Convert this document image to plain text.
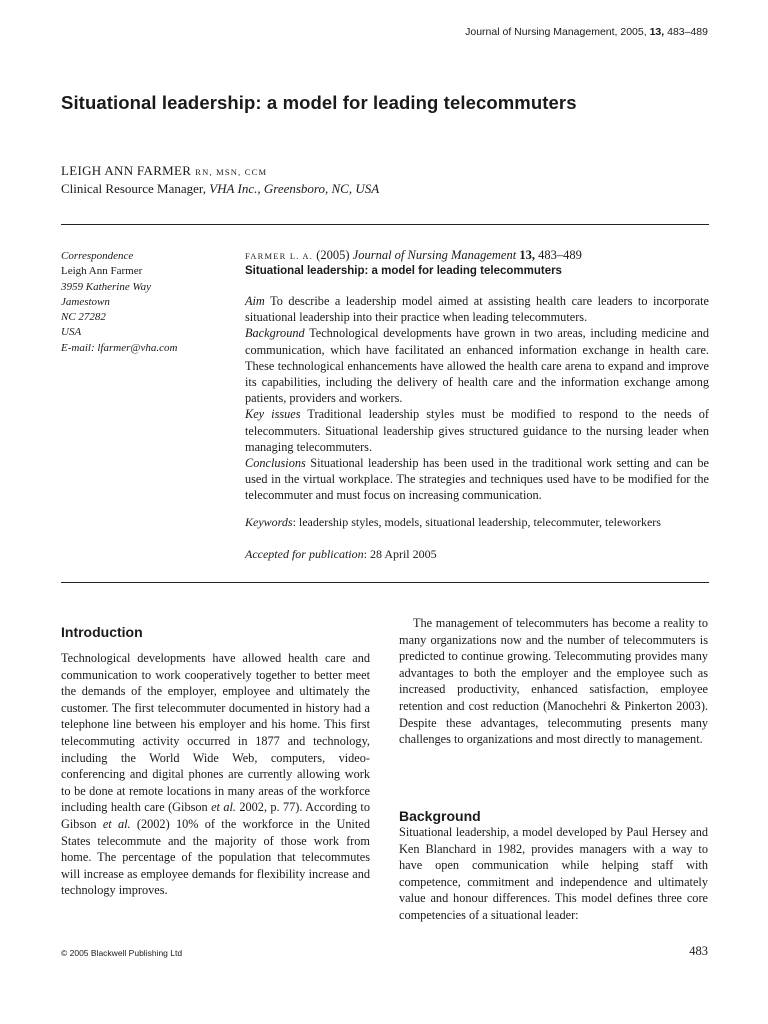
Journal of Nursing Management, 2005, 13, 483–489
Situational leadership: a model for leading telecommuters
LEIGH ANN FARMER RN, MSN, CCM
Clinical Resource Manager, VHA Inc., Greensboro, NC, USA
Correspondence
Leigh Ann Farmer
3959 Katherine Way
Jamestown
NC 27282
USA
E-mail: lfarmer@vha.com
FARMER L. A. (2005) Journal of Nursing Management 13, 483–489
Situational leadership: a model for leading telecommuters

Aim To describe a leadership model aimed at assisting health care leaders to incorporate situational leadership into their practice when leading telecommuters.

Background Technological developments have grown in two areas, including medicine and communication, which have facilitated an enhanced information exchange in health care. These technological enhancements have allowed the health care arena to expand and improve its capabilities, including the delivery of health care and the information exchange among patients, providers and workers.

Key issues Traditional leadership styles must be modified to respond to the needs of telecommuters. Situational leadership gives structured guidance to the nursing leader when managing telecommuters.

Conclusions Situational leadership has been used in the traditional work setting and can be used in the virtual workplace. The strategies and techniques used have to be modified for the telecommuter and must focus on increasing communication.

Keywords: leadership styles, models, situational leadership, telecommuter, teleworkers
Accepted for publication: 28 April 2005
Introduction

Technological developments have allowed health care and communication to work cooperatively together to better meet the demands of the employer, employee and ultimately the customer. The first telecommuter documented in history had a telephone line between his employer and his home. This first telecommuting activity occurred in 1877 and technology, including the World Wide Web, computers, video-conferencing and digital phones are currently allowing work to be done at remote locations in many areas of the workforce including health care (Gibson et al. 2002, p. 77). According to Gibson et al. (2002) 10% of the workforce in the United States telecommute and the majority of those work from home. The percentage of the population that telecommutes will increase as employee demands for flexibility increase and technology improves.

The management of telecommuters has become a reality to many organizations now and the number of telecommuters is predicted to continue growing. Telecommuting provides many advantages to both the employer and the employee such as increased productivity, enhanced satisfaction, employee retention and cost reduction (Manochehri & Pinkerton 2003). Despite these advantages, telecommuting presents many challenges to organizations and most directly to management.

Background

Situational leadership, a model developed by Paul Hersey and Ken Blanchard in 1982, provides managers with a way to have open communication while helping staff with competence, commitment and independence and ultimately value and honour differences. This model defines three core competencies of a situational leader:

© 2005 Blackwell Publishing Ltd	483
